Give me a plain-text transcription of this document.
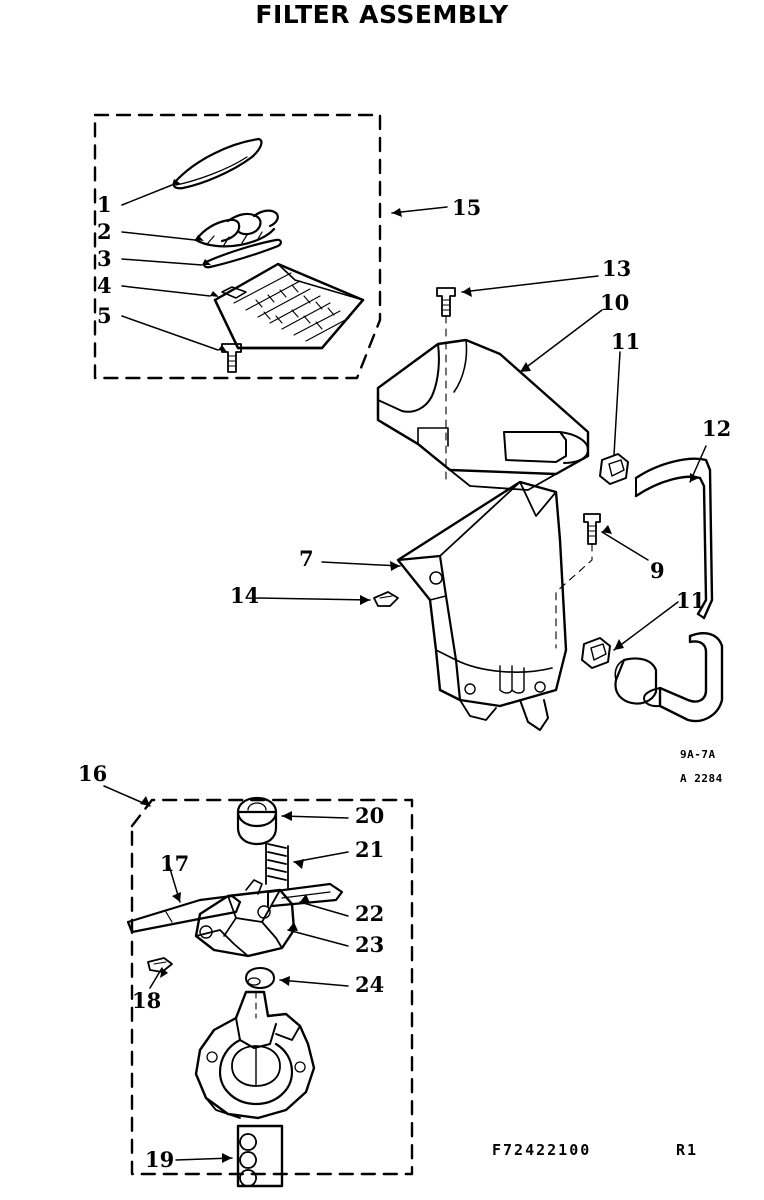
FILTER ASSEMBLY
1
2
3
4
5
15
13
10
11
12
7
14
9
11
16
17
20
21
22
23
24
18
19
9A-7A
A 2284
F72422100	R1
